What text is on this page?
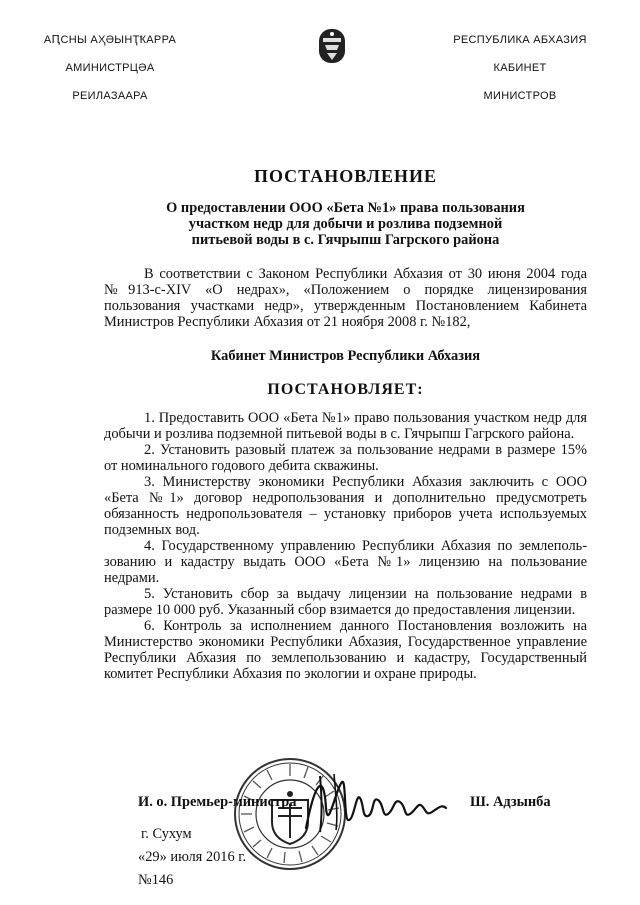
АԤСНЫ АҲӘЫНҬҞАРРА
АМИНИСТРЦӘА
РЕИЛАЗААРА
РЕСПУБЛИКА АБХАЗИЯ
КАБИНЕТ
МИНИСТРОВ
ПОСТАНОВЛЕНИЕ
О предоставлении ООО «Бета №1» права пользования
участком недр для добычи и розлива подземной
питьевой воды в с. Гячрыпш Гагрского района

В соответствии с Законом Республики Абхазия от 30 июня 2004 года №913-с-XIV «О недрах», «Положением о порядке лицензирования пользования участками недр», утвержденным Постановлением Кабинета Министров Республики Абхазия от 21 ноября 2008 г. №182,

Кабинет Министров Республики Абхазия
ПОСТАНОВЛЯЕТ:

1. Предоставить ООО «Бета №1» право пользования участком недр для добычи и розлива подземной питьевой воды в с. Гячрыпш Гагрского района.

2. Установить разовый платеж за пользование недрами в размере 15% от номинального годового дебита скважины.

3. Министерству экономики Республики Абхазия заключить с ООО «Бета №1» договор недропользования и дополнительно предусмотреть обязанность недропользователя – установку приборов учета используемых подземных вод.

4. Государственному управлению Республики Абхазия по землепользованию и кадастру выдать ООО «Бета №1» лицензию на пользование недрами.

5. Установить сбор за выдачу лицензии на пользование недрами в размере 10 000 руб. Указанный сбор взимается до предоставления лицензии.

6. Контроль за исполнением данного Постановления возложить на Министерство экономики Республики Абхазия, Государственное управление Республики Абхазия по землепользованию и кадастру, Государственный комитет Республики Абхазия по экологии и охране природы.

И. о. Премьер-министра	Ш. Адзынба
г. Сухум
«29» июля 2016 г.
№146
